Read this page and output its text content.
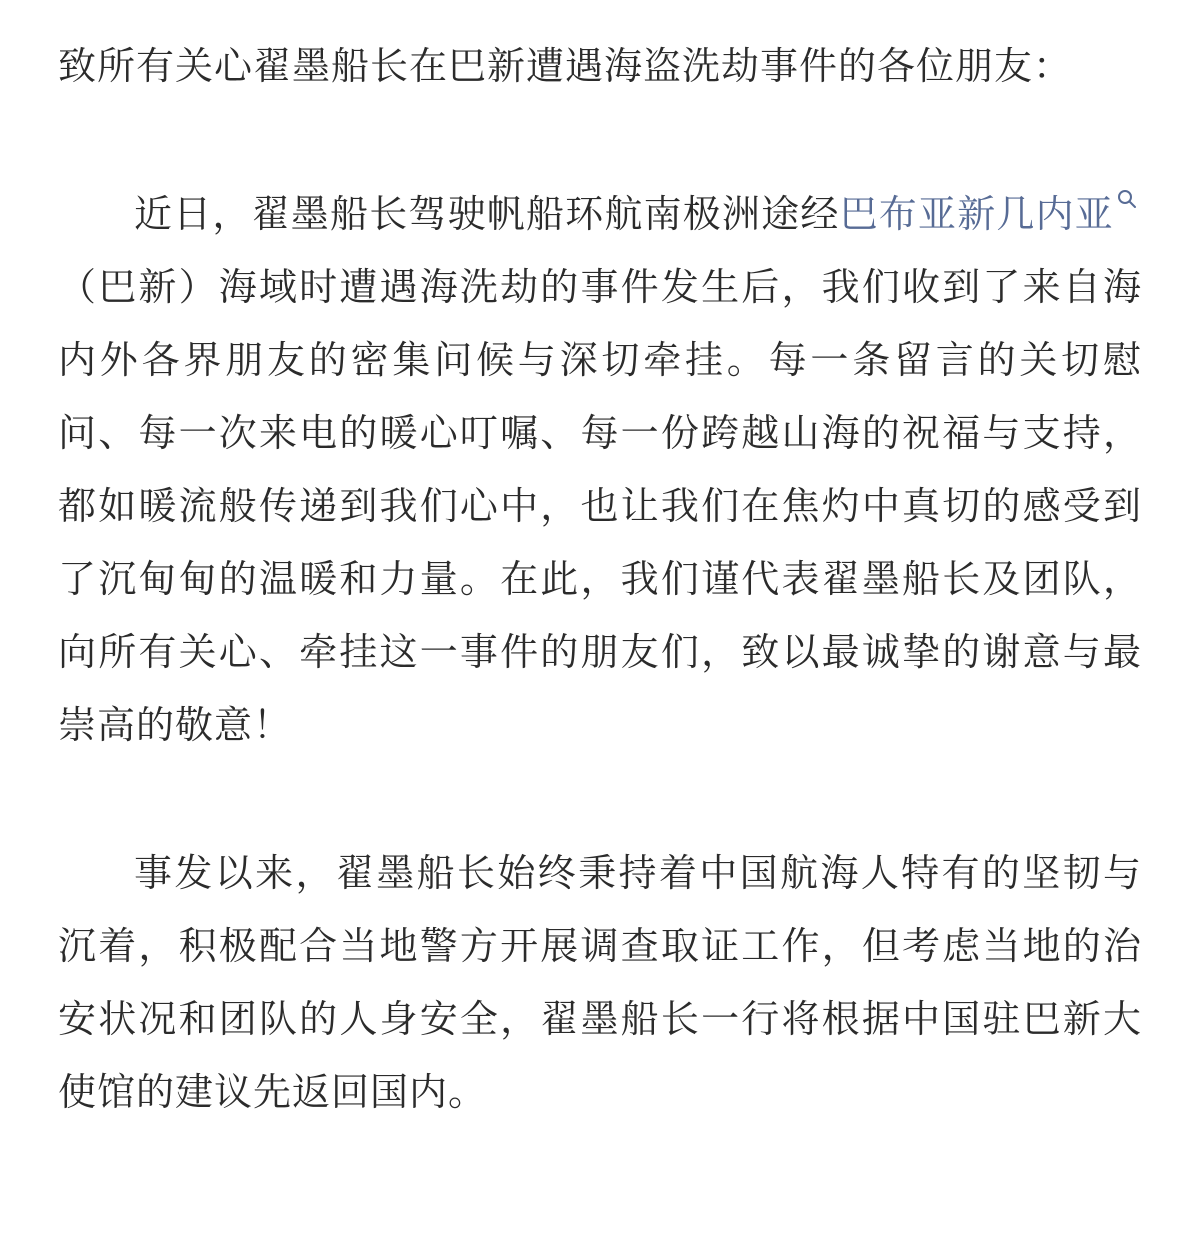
致所有关心翟墨船长在巴新遭遇海盗洗劫事件的各位朋友：

近日，翟墨船长驾驶帆船环航南极洲途经巴布亚新几内亚
（巴新）海域时遭遇海洗劫的事件发生后，我们收到了来自海内外各界朋友的密集问候与深切牵挂。每一条留言的关切慰问、每一次来电的暖心叮嘱、每一份跨越山海的祝福与支持，都如暖流般传递到我们心中，也让我们在焦灼中真切的感受到了沉甸甸的温暖和力量。在此，我们谨代表翟墨船长及团队，向所有关心、牵挂这一事件的朋友们，致以最诚挚的谢意与最崇高的敬意！

事发以来，翟墨船长始终秉持着中国航海人特有的坚韧与沉着，积极配合当地警方开展调查取证工作，但考虑当地的治安状况和团队的人身安全，翟墨船长一行将根据中国驻巴新大使馆的建议先返回国内。
